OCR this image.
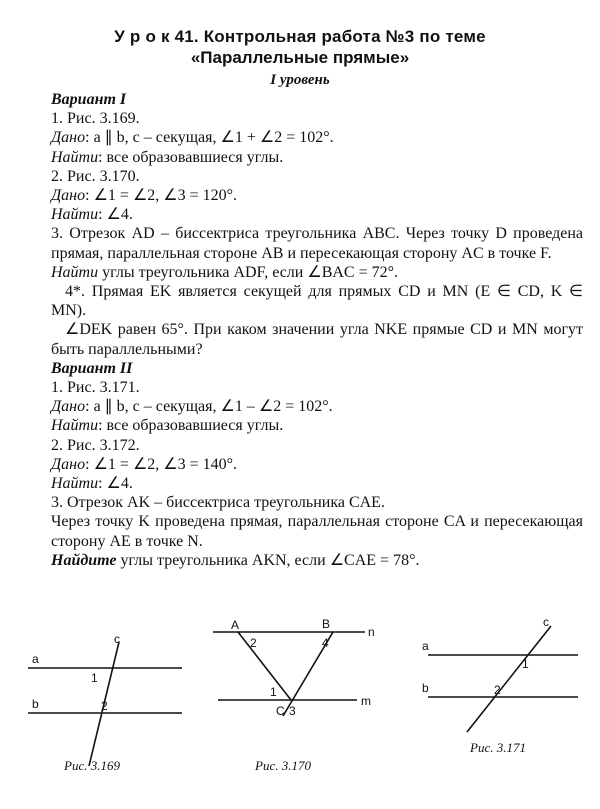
У р о к 41. Контрольная работа №3 по теме
«Параллельные прямые»
I уровень
Вариант I
1. Рис. 3.169.
Дано: a ∥ b, c – секущая, ∠1 + ∠2 = 102°.
Найти: все образовавшиеся углы.
2. Рис. 3.170.
Дано: ∠1 = ∠2, ∠3 = 120°.
Найти: ∠4.
3. Отрезок AD – биссектриса треугольника ABC. Через точку D проведена прямая, параллельная стороне AB и пересекающая сторону AC в точке F.
Найти углы треугольника ADF, если ∠BAC = 72°.
4*. Прямая EK является секущей для прямых CD и MN (E ∈ CD, K ∈ MN).
∠DEK равен 65°. При каком значении угла NKE прямые CD и MN могут быть параллельными?
Вариант II
1. Рис. 3.171.
Дано: a ∥ b, c – секущая, ∠1 – ∠2 = 102°.
Найти: все образовавшиеся углы.
2. Рис. 3.172.
Дано: ∠1 = ∠2, ∠3 = 140°.
Найти: ∠4.
3. Отрезок AK – биссектриса треугольника CAE.
Через точку K проведена прямая, параллельная стороне CA и пересекающая сторону AE в точке N.
Найдите углы треугольника AKN, если ∠CAE = 78°.
a
b
c
1
2
A	B
n
m
2	4
1
C 3
a
b
c
1
2
Рис. 3.169	Рис. 3.170
Рис. 3.171
